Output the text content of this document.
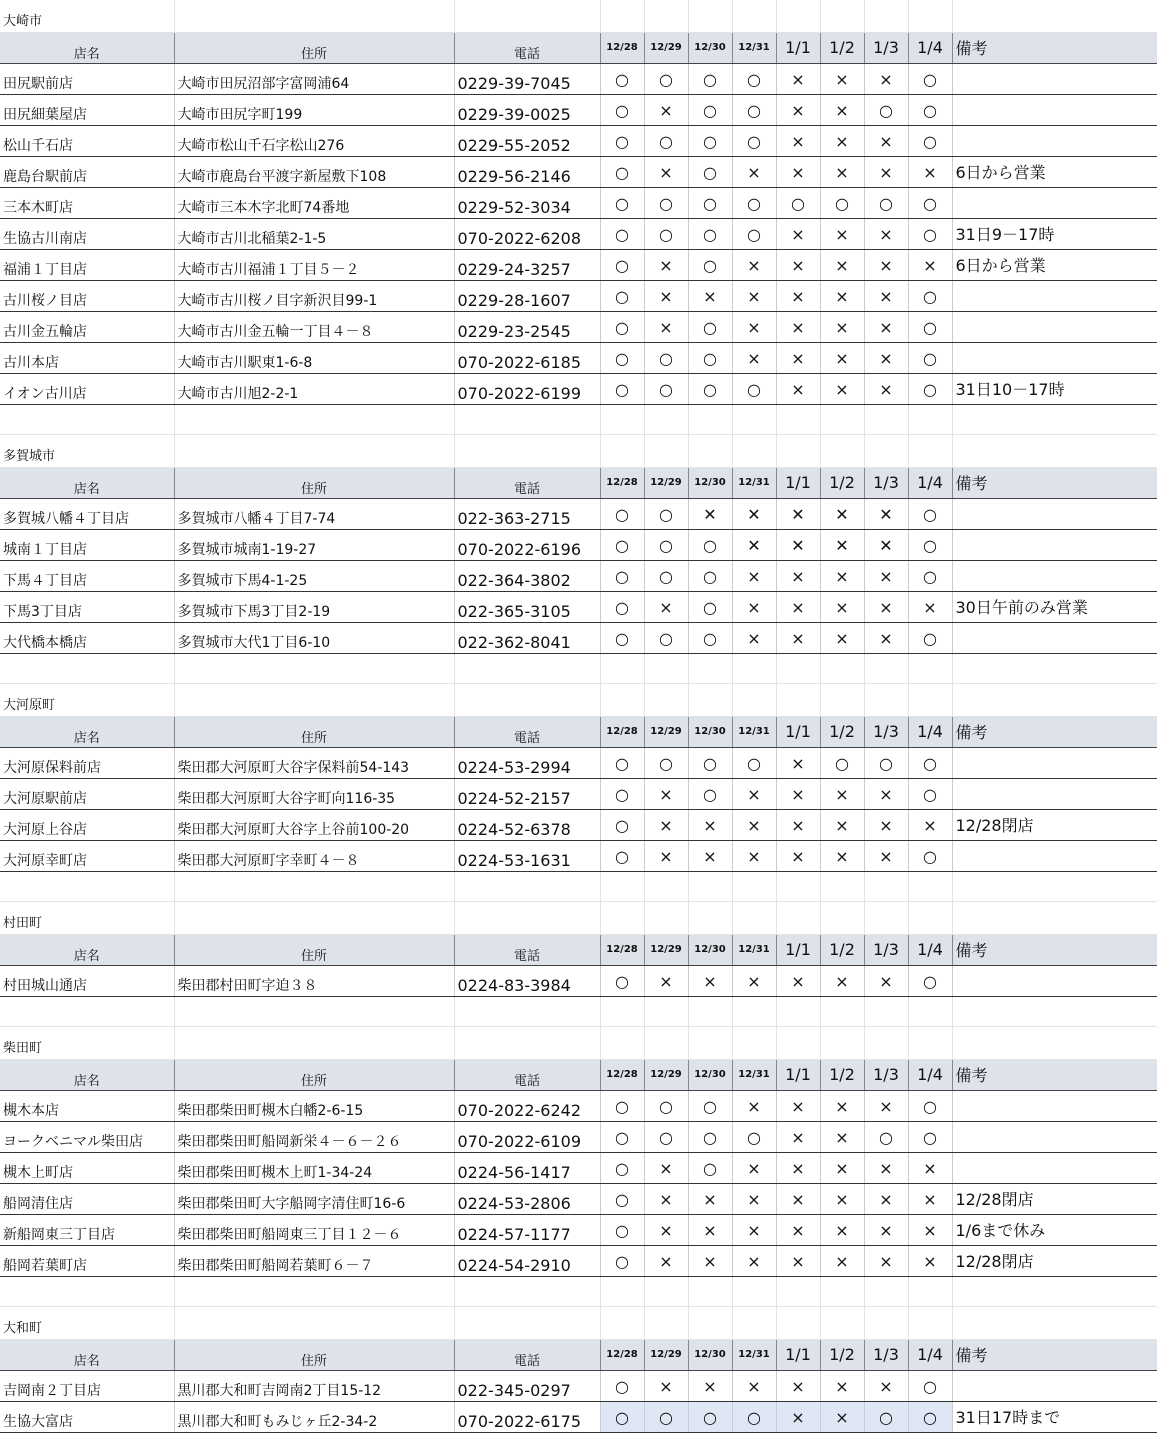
大崎市											
店名	住所	電話	12/28	12/29	12/30	12/31	1/1	1/2	1/3	1/4	備考
田尻駅前店	大崎市田尻沼部字富岡浦64	0229-39-7045	○	○	○	○	×	×	×	○	
田尻細葉屋店	大崎市田尻字町199	0229-39-0025	○	×	○	○	×	×	○	○	
松山千石店	大崎市松山千石字松山276	0229-55-2052	○	○	○	○	×	×	×	○	
鹿島台駅前店	大崎市鹿島台平渡字新屋敷下108	0229-56-2146	○	×	○	×	×	×	×	×	6日から営業
三本木町店	大崎市三本木字北町74番地	0229-52-3034	○	○	○	○	○	○	○	○	
生協古川南店	大崎市古川北稲葉2-1-5	070-2022-6208	○	○	○	○	×	×	×	○	31日9－17時
福浦１丁目店	大崎市古川福浦１丁目５－２	0229-24-3257	○	×	○	×	×	×	×	×	6日から営業
古川桜ノ目店	大崎市古川桜ノ目字新沢目99-1	0229-28-1607	○	×	×	×	×	×	×	○	
古川金五輪店	大崎市古川金五輪一丁目４－８	0229-23-2545	○	×	○	×	×	×	×	○	
古川本店	大崎市古川駅東1-6-8	070-2022-6185	○	○	○	×	×	×	×	○	
イオン古川店	大崎市古川旭2-2-1	070-2022-6199	○	○	○	○	×	×	×	○	31日10－17時

多賀城市											
店名	住所	電話	12/28	12/29	12/30	12/31	1/1	1/2	1/3	1/4	備考
多賀城八幡４丁目店	多賀城市八幡４丁目7-74	022-363-2715	○	○	✕	✕	✕	✕	✕	○	
城南１丁目店	多賀城市城南1-19-27	070-2022-6196	○	○	○	✕	✕	✕	✕	○	
下馬４丁目店	多賀城市下馬4-1-25	022-364-3802	○	○	○	×	×	×	×	○	
下馬3丁目店	多賀城市下馬3丁目2-19	022-365-3105	○	×	○	×	×	×	×	×	30日午前のみ営業
大代橋本橋店	多賀城市大代1丁目6-10	022-362-8041	○	○	○	×	×	×	×	○	

大河原町											
店名	住所	電話	12/28	12/29	12/30	12/31	1/1	1/2	1/3	1/4	備考
大河原保料前店	柴田郡大河原町大谷字保料前54-143	0224-53-2994	○	○	○	○	×	○	○	○	
大河原駅前店	柴田郡大河原町大谷字町向116-35	0224-52-2157	○	×	○	×	×	×	×	○	
大河原上谷店	柴田郡大河原町大谷字上谷前100-20	0224-52-6378	○	×	×	×	×	×	×	×	12/28閉店
大河原幸町店	柴田郡大河原町字幸町４－８	0224-53-1631	○	×	×	×	×	×	×	○	

村田町											
店名	住所	電話	12/28	12/29	12/30	12/31	1/1	1/2	1/3	1/4	備考
村田城山通店	柴田郡村田町字迫３８	0224-83-3984	○	×	×	×	×	×	×	○	

柴田町											
店名	住所	電話	12/28	12/29	12/30	12/31	1/1	1/2	1/3	1/4	備考
槻木本店	柴田郡柴田町槻木白幡2-6-15	070-2022-6242	○	○	○	×	×	×	×	○	
ヨークベニマル柴田店	柴田郡柴田町船岡新栄４－６－２６	070-2022-6109	○	○	○	○	×	×	○	○	
槻木上町店	柴田郡柴田町槻木上町1-34-24	0224-56-1417	○	×	○	×	×	×	×	×	
船岡清住店	柴田郡柴田町大字船岡字清住町16-6	0224-53-2806	○	×	×	×	×	×	×	×	12/28閉店
新船岡東三丁目店	柴田郡柴田町船岡東三丁目１２－６	0224-57-1177	○	×	×	×	×	×	×	×	1/6まで休み
船岡若葉町店	柴田郡柴田町船岡若葉町６－７	0224-54-2910	○	×	×	×	×	×	×	×	12/28閉店

大和町											
店名	住所	電話	12/28	12/29	12/30	12/31	1/1	1/2	1/3	1/4	備考
吉岡南２丁目店	黒川郡大和町吉岡南2丁目15-12	022-345-0297	○	×	×	×	×	×	×	○	
生協大富店	黒川郡大和町もみじヶ丘2-34-2	070-2022-6175	○	○	○	○	×	×	○	○	31日17時まで
